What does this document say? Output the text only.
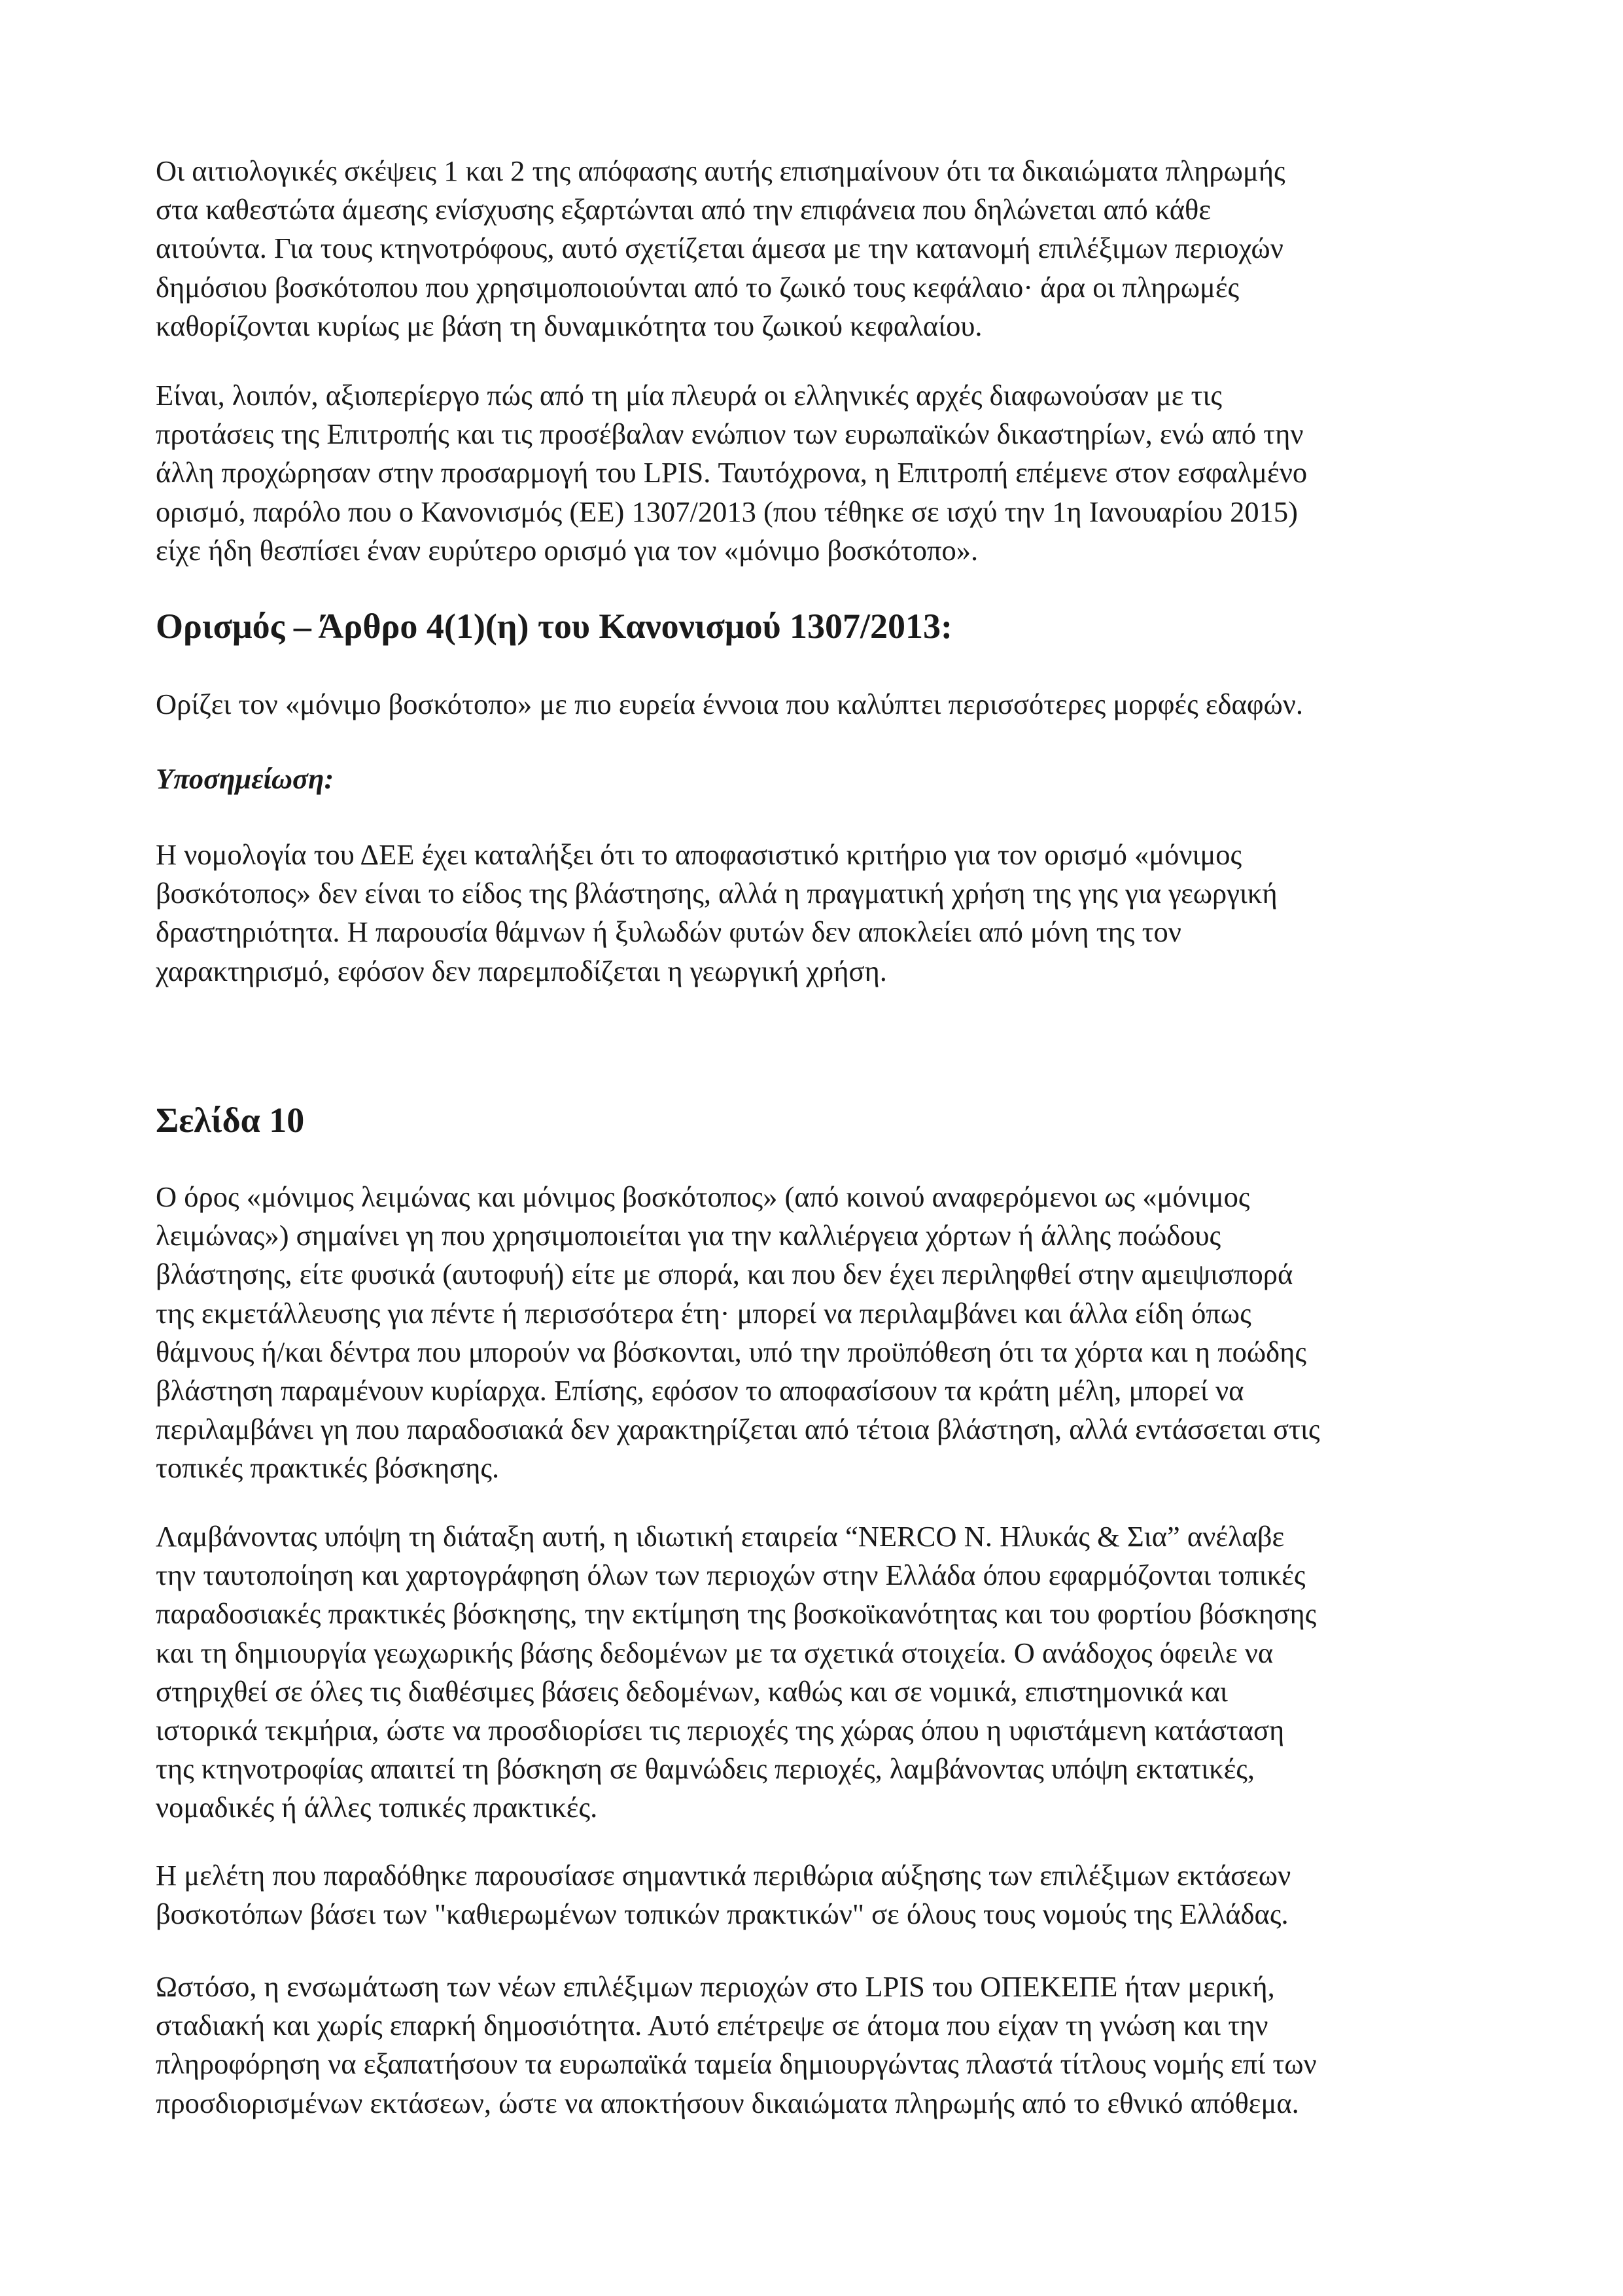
Οι αιτιολογικές σκέψεις 1 και 2 της απόφασης αυτής επισημαίνουν ότι τα δικαιώματα πληρωμής
στα καθεστώτα άμεσης ενίσχυσης εξαρτώνται από την επιφάνεια που δηλώνεται από κάθε
αιτούντα. Για τους κτηνοτρόφους, αυτό σχετίζεται άμεσα με την κατανομή επιλέξιμων περιοχών
δημόσιου βοσκότοπου που χρησιμοποιούνται από το ζωικό τους κεφάλαιο· άρα οι πληρωμές
καθορίζονται κυρίως με βάση τη δυναμικότητα του ζωικού κεφαλαίου.

Είναι, λοιπόν, αξιοπερίεργο πώς από τη μία πλευρά οι ελληνικές αρχές διαφωνούσαν με τις
προτάσεις της Επιτροπής και τις προσέβαλαν ενώπιον των ευρωπαϊκών δικαστηρίων, ενώ από την
άλλη προχώρησαν στην προσαρμογή του LPIS. Ταυτόχρονα, η Επιτροπή επέμενε στον εσφαλμένο
ορισμό, παρόλο που ο Κανονισμός (ΕΕ) 1307/2013 (που τέθηκε σε ισχύ την 1η Ιανουαρίου 2015)
είχε ήδη θεσπίσει έναν ευρύτερο ορισμό για τον «μόνιμο βοσκότοπο».

Ορισμός – Άρθρο 4(1)(η) του Κανονισμού 1307/2013:

Ορίζει τον «μόνιμο βοσκότοπο» με πιο ευρεία έννοια που καλύπτει περισσότερες μορφές εδαφών.

Υποσημείωση:

Η νομολογία του ΔΕΕ έχει καταλήξει ότι το αποφασιστικό κριτήριο για τον ορισμό «μόνιμος
βοσκότοπος» δεν είναι το είδος της βλάστησης, αλλά η πραγματική χρήση της γης για γεωργική
δραστηριότητα. Η παρουσία θάμνων ή ξυλωδών φυτών δεν αποκλείει από μόνη της τον
χαρακτηρισμό, εφόσον δεν παρεμποδίζεται η γεωργική χρήση.

Σελίδα 10

Ο όρος «μόνιμος λειμώνας και μόνιμος βοσκότοπος» (από κοινού αναφερόμενοι ως «μόνιμος
λειμώνας») σημαίνει γη που χρησιμοποιείται για την καλλιέργεια χόρτων ή άλλης ποώδους
βλάστησης, είτε φυσικά (αυτοφυή) είτε με σπορά, και που δεν έχει περιληφθεί στην αμειψισπορά
της εκμετάλλευσης για πέντε ή περισσότερα έτη· μπορεί να περιλαμβάνει και άλλα είδη όπως
θάμνους ή/και δέντρα που μπορούν να βόσκονται, υπό την προϋπόθεση ότι τα χόρτα και η ποώδης
βλάστηση παραμένουν κυρίαρχα. Επίσης, εφόσον το αποφασίσουν τα κράτη μέλη, μπορεί να
περιλαμβάνει γη που παραδοσιακά δεν χαρακτηρίζεται από τέτοια βλάστηση, αλλά εντάσσεται στις
τοπικές πρακτικές βόσκησης.

Λαμβάνοντας υπόψη τη διάταξη αυτή, η ιδιωτική εταιρεία “NERCO Ν. Ηλυκάς & Σια” ανέλαβε
την ταυτοποίηση και χαρτογράφηση όλων των περιοχών στην Ελλάδα όπου εφαρμόζονται τοπικές
παραδοσιακές πρακτικές βόσκησης, την εκτίμηση της βοσκοϊκανότητας και του φορτίου βόσκησης
και τη δημιουργία γεωχωρικής βάσης δεδομένων με τα σχετικά στοιχεία. Ο ανάδοχος όφειλε να
στηριχθεί σε όλες τις διαθέσιμες βάσεις δεδομένων, καθώς και σε νομικά, επιστημονικά και
ιστορικά τεκμήρια, ώστε να προσδιορίσει τις περιοχές της χώρας όπου η υφιστάμενη κατάσταση
της κτηνοτροφίας απαιτεί τη βόσκηση σε θαμνώδεις περιοχές, λαμβάνοντας υπόψη εκτατικές,
νομαδικές ή άλλες τοπικές πρακτικές.

Η μελέτη που παραδόθηκε παρουσίασε σημαντικά περιθώρια αύξησης των επιλέξιμων εκτάσεων
βοσκοτόπων βάσει των "καθιερωμένων τοπικών πρακτικών" σε όλους τους νομούς της Ελλάδας.

Ωστόσο, η ενσωμάτωση των νέων επιλέξιμων περιοχών στο LPIS του ΟΠΕΚΕΠΕ ήταν μερική,
σταδιακή και χωρίς επαρκή δημοσιότητα. Αυτό επέτρεψε σε άτομα που είχαν τη γνώση και την
πληροφόρηση να εξαπατήσουν τα ευρωπαϊκά ταμεία δημιουργώντας πλαστά τίτλους νομής επί των
προσδιορισμένων εκτάσεων, ώστε να αποκτήσουν δικαιώματα πληρωμής από το εθνικό απόθεμα.
